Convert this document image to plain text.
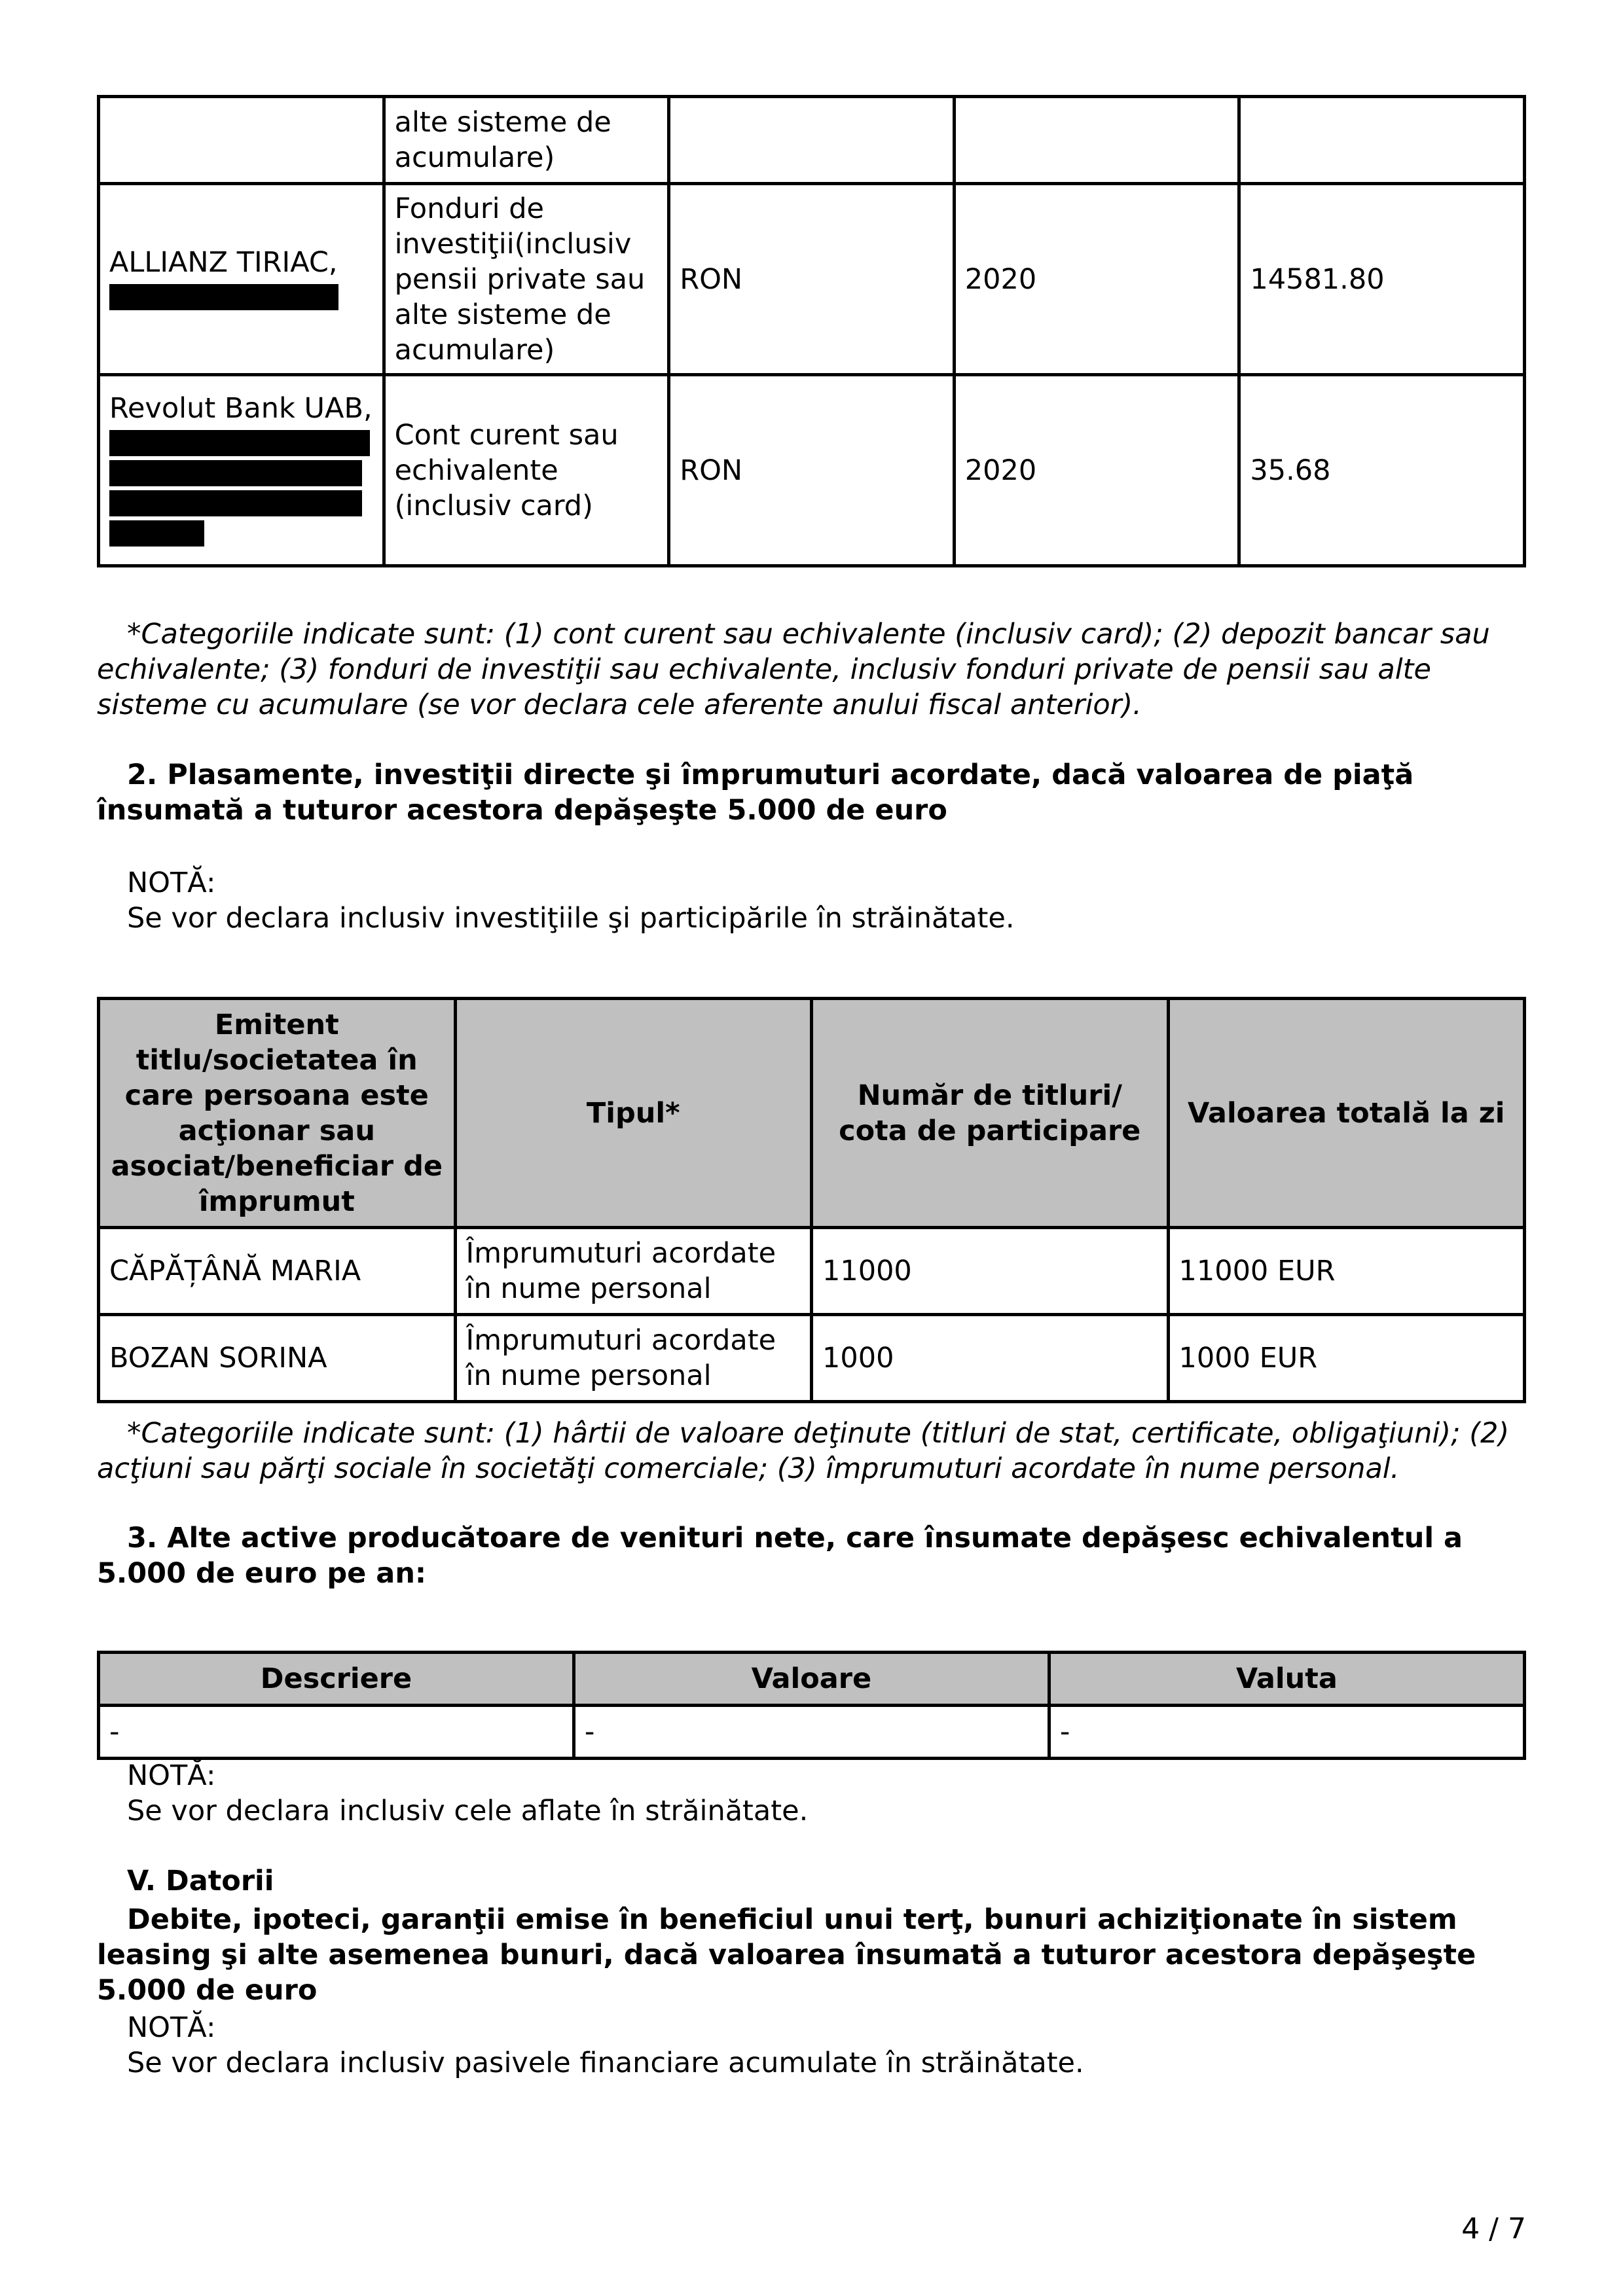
	alte sisteme de acumulare)			
ALLIANZ TIRIAC,	Fonduri de investiţii(inclusiv pensii private sau alte sisteme de acumulare)	RON	2020	14581.80
Revolut Bank UAB,	Cont curent sau echivalente (inclusiv card)	RON	2020	35.68
*Categoriile indicate sunt: (1) cont curent sau echivalente (inclusiv card); (2) depozit bancar sau echivalente; (3) fonduri de investiţii sau echivalente, inclusiv fonduri private de pensii sau alte sisteme cu acumulare (se vor declara cele aferente anului fiscal anterior).
2. Plasamente, investiţii directe şi împrumuturi acordate, dacă valoarea de piaţă însumată a tuturor acestora depăşeşte 5.000 de euro
NOTĂ:
Se vor declara inclusiv investiţiile şi participările în străinătate.
Emitent titlu/societatea în care persoana este acţionar sau asociat/beneficiar de împrumut	Tipul*	Număr de titluri/ cota de participare	Valoarea totală la zi
CĂPĂȚÂNĂ MARIA	Împrumuturi acordate în nume personal	11000	11000 EUR
BOZAN SORINA	Împrumuturi acordate în nume personal	1000	1000 EUR
*Categoriile indicate sunt: (1) hârtii de valoare deţinute (titluri de stat, certificate, obligaţiuni); (2) acţiuni sau părţi sociale în societăţi comerciale; (3) împrumuturi acordate în nume personal.
3. Alte active producătoare de venituri nete, care însumate depăşesc echivalentul a 5.000 de euro pe an:
Descriere	Valoare	Valuta
-	-	-
NOTĂ:
Se vor declara inclusiv cele aflate în străinătate.
V. Datorii
Debite, ipoteci, garanţii emise în beneficiul unui terţ, bunuri achiziţionate în sistem leasing şi alte asemenea bunuri, dacă valoarea însumată a tuturor acestora depăşeşte 5.000 de euro
NOTĂ:
Se vor declara inclusiv pasivele financiare acumulate în străinătate.
4 / 7
